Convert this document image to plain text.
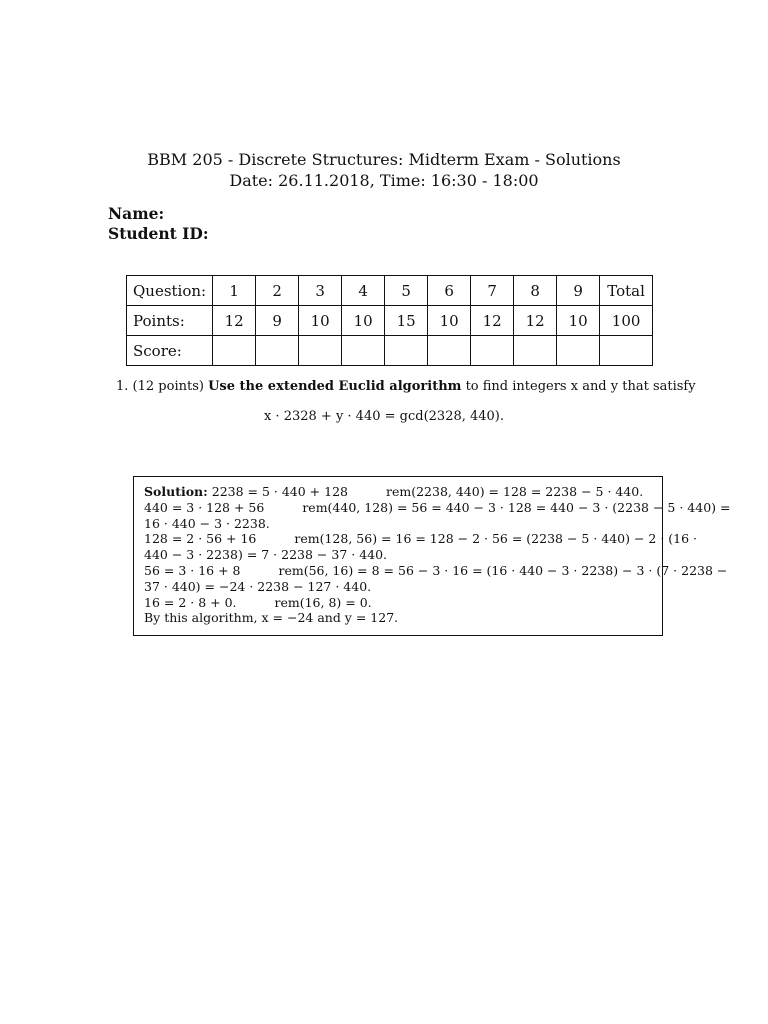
BBM 205 - Discrete Structures: Midterm Exam - Solutions
Date: 26.11.2018, Time: 16:30 - 18:00
Name:
Student ID:
Question:	1	2	3	4	5	6	7	8	9	Total
Points:	12	9	10	10	15	10	12	12	10	100
Score:										
1. (12 points) Use the extended Euclid algorithm to find integers x and y that satisfy
x · 2328 + y · 440 = gcd(2328, 440).
Solution: 2238 = 5 · 440 + 128	rem(2238, 440) = 128 = 2238 − 5 · 440.
440 = 3 · 128 + 56	rem(440, 128) = 56 = 440 − 3 · 128 = 440 − 3 · (2238 − 5 · 440) =
16 · 440 − 3 · 2238.
128 = 2 · 56 + 16	rem(128, 56) = 16 = 128 − 2 · 56 = (2238 − 5 · 440) − 2 · (16 ·
440 − 3 · 2238) = 7 · 2238 − 37 · 440.
56 = 3 · 16 + 8	rem(56, 16) = 8 = 56 − 3 · 16 = (16 · 440 − 3 · 2238) − 3 · (7 · 2238 −
37 · 440) = −24 · 2238 − 127 · 440.
16 = 2 · 8 + 0.	rem(16, 8) = 0.
By this algorithm, x = −24 and y = 127.
